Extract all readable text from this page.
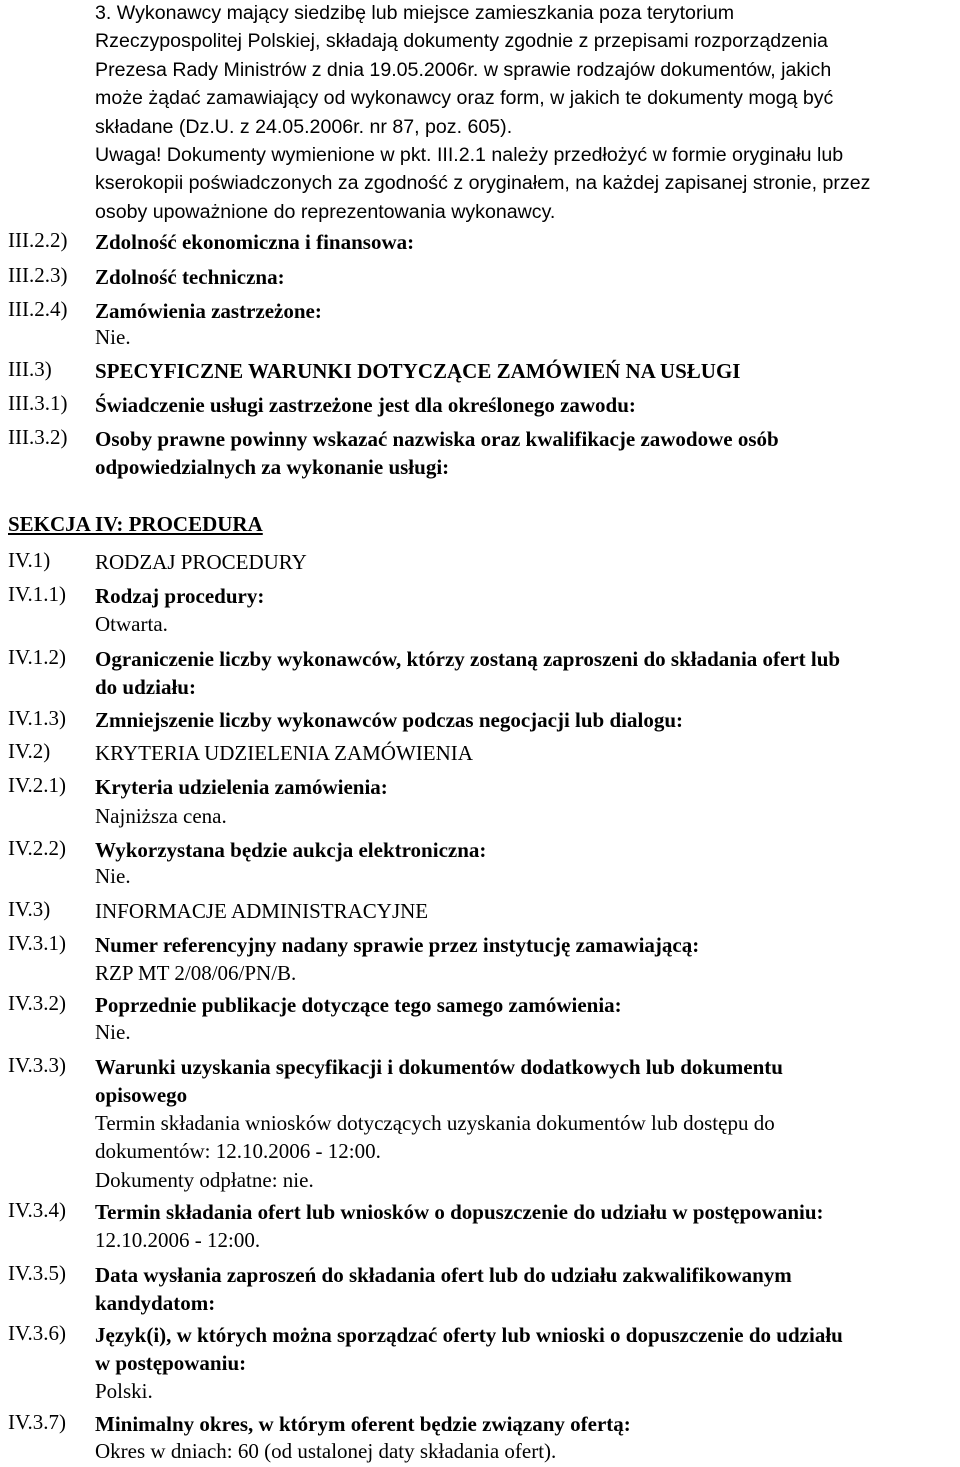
3. Wykonawcy mający siedzibę lub miejsce zamieszkania poza terytorium
Rzeczypospolitej Polskiej, składają dokumenty zgodnie z przepisami rozporządzenia
Prezesa Rady Ministrów z dnia 19.05.2006r. w sprawie rodzajów dokumentów, jakich
może żądać zamawiający od wykonawcy oraz form, w jakich te dokumenty mogą być
składane (Dz.U. z 24.05.2006r. nr 87, poz. 605).
Uwaga! Dokumenty wymienione w pkt. III.2.1 należy przedłożyć w formie oryginału lub
kserokopii poświadczonych za zgodność z oryginałem, na każdej zapisanej stronie, przez
osoby upoważnione do reprezentowania wykonawcy.
III.2.2) Zdolność ekonomiczna i finansowa:
III.2.3) Zdolność techniczna:
III.2.4) Zamówienia zastrzeżone:
Nie.
III.3) SPECYFICZNE WARUNKI DOTYCZĄCE ZAMÓWIEŃ NA USŁUGI
III.3.1) Świadczenie usługi zastrzeżone jest dla określonego zawodu:
III.3.2) Osoby prawne powinny wskazać nazwiska oraz kwalifikacje zawodowe osób
odpowiedzialnych za wykonanie usługi:
SEKCJA IV: PROCEDURA
IV.1) RODZAJ PROCEDURY
IV.1.1) Rodzaj procedury:
Otwarta.
IV.1.2) Ograniczenie liczby wykonawców, którzy zostaną zaproszeni do składania ofert lub
do udziału:
IV.1.3) Zmniejszenie liczby wykonawców podczas negocjacji lub dialogu:
IV.2) KRYTERIA UDZIELENIA ZAMÓWIENIA
IV.2.1) Kryteria udzielenia zamówienia:
Najniższa cena.
IV.2.2) Wykorzystana będzie aukcja elektroniczna:
Nie.
IV.3) INFORMACJE ADMINISTRACYJNE
IV.3.1) Numer referencyjny nadany sprawie przez instytucję zamawiającą:
RZP MT 2/08/06/PN/B.
IV.3.2) Poprzednie publikacje dotyczące tego samego zamówienia:
Nie.
IV.3.3) Warunki uzyskania specyfikacji i dokumentów dodatkowych lub dokumentu
opisowego
Termin składania wniosków dotyczących uzyskania dokumentów lub dostępu do
dokumentów: 12.10.2006 - 12:00.
Dokumenty odpłatne: nie.
IV.3.4) Termin składania ofert lub wniosków o dopuszczenie do udziału w postępowaniu:
12.10.2006 - 12:00.
IV.3.5) Data wysłania zaproszeń do składania ofert lub do udziału zakwalifikowanym
kandydatom:
IV.3.6) Język(i), w których można sporządzać oferty lub wnioski o dopuszczenie do udziału
w postępowaniu:
Polski.
IV.3.7) Minimalny okres, w którym oferent będzie związany ofertą:
Okres w dniach: 60 (od ustalonej daty składania ofert).
